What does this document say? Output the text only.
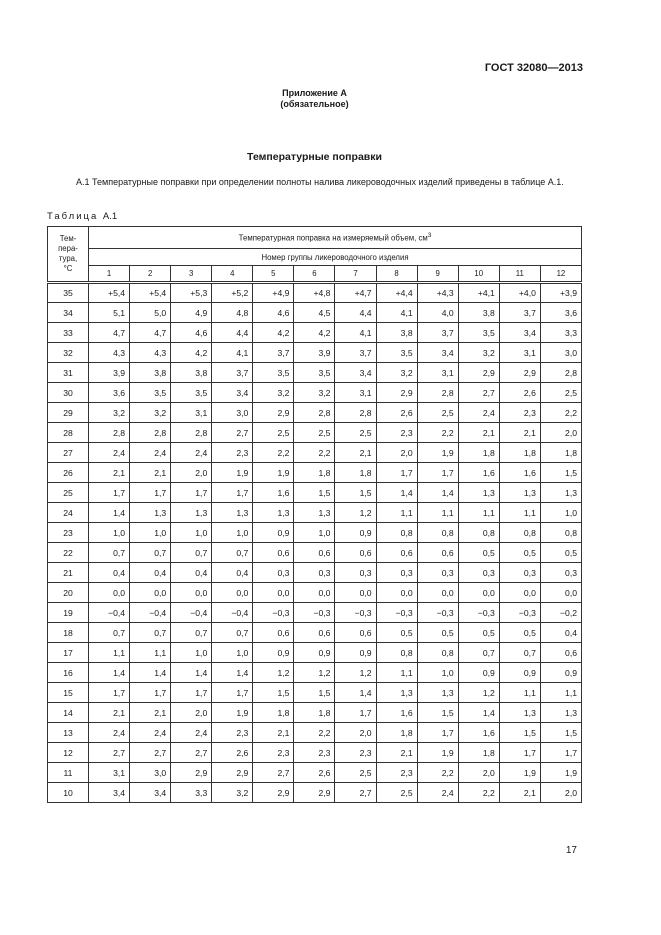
ГОСТ 32080—2013
Приложение А
(обязательное)
Температурные поправки
А.1 Температурные поправки при определении полноты налива ликероводочных изделий приведены в таблице А.1.
Таблица А.1
Тем-
пера-
тура,
°С	Температурная поправка на измеряемый объем, $см^3$
	Номер группы ликероводочного изделия											
	1	2	3	4	5	6	7	8	9	10	11	12
35	+5,4	+5,4	+5,3	+5,2	+4,9	+4,8	+4,7	+4,4	+4,3	+4,1	+4,0	+3,9
34	5,1	5,0	4,9	4,8	4,6	4,5	4,4	4,1	4,0	3,8	3,7	3,6
33	4,7	4,7	4,6	4,4	4,2	4,2	4,1	3,8	3,7	3,5	3,4	3,3
32	4,3	4,3	4,2	4,1	3,7	3,9	3,7	3,5	3,4	3,2	3,1	3,0
31	3,9	3,8	3,8	3,7	3,5	3,5	3,4	3,2	3,1	2,9	2,9	2,8
30	3,6	3,5	3,5	3,4	3,2	3,2	3,1	2,9	2,8	2,7	2,6	2,5
29	3,2	3,2	3,1	3,0	2,9	2,8	2,8	2,6	2,5	2,4	2,3	2,2
28	2,8	2,8	2,8	2,7	2,5	2,5	2,5	2,3	2,2	2,1	2,1	2,0
27	2,4	2,4	2,4	2,3	2,2	2,2	2,1	2,0	1,9	1,8	1,8	1,8
26	2,1	2,1	2,0	1,9	1,9	1,8	1,8	1,7	1,7	1,6	1,6	1,5
25	1,7	1,7	1,7	1,7	1,6	1,5	1,5	1,4	1,4	1,3	1,3	1,3
24	1,4	1,3	1,3	1,3	1,3	1,3	1,2	1,1	1,1	1,1	1,1	1,0
23	1,0	1,0	1,0	1,0	0,9	1,0	0,9	0,8	0,8	0,8	0,8	0,8
22	0,7	0,7	0,7	0,7	0,6	0,6	0,6	0,6	0,6	0,5	0,5	0,5
21	0,4	0,4	0,4	0,4	0,3	0,3	0,3	0,3	0,3	0,3	0,3	0,3
20	0,0	0,0	0,0	0,0	0,0	0,0	0,0	0,0	0,0	0,0	0,0	0,0
19	−0,4	−0,4	−0,4	−0,4	−0,3	−0,3	−0,3	−0,3	−0,3	−0,3	−0,3	−0,2
18	0,7	0,7	0,7	0,7	0,6	0,6	0,6	0,5	0,5	0,5	0,5	0,4
17	1,1	1,1	1,0	1,0	0,9	0,9	0,9	0,8	0,8	0,7	0,7	0,6
16	1,4	1,4	1,4	1,4	1,2	1,2	1,2	1,1	1,0	0,9	0,9	0,9
15	1,7	1,7	1,7	1,7	1,5	1,5	1,4	1,3	1,3	1,2	1,1	1,1
14	2,1	2,1	2,0	1,9	1,8	1,8	1,7	1,6	1,5	1,4	1,3	1,3
13	2,4	2,4	2,4	2,3	2,1	2,2	2,0	1,8	1,7	1,6	1,5	1,5
12	2,7	2,7	2,7	2,6	2,3	2,3	2,3	2,1	1,9	1,8	1,7	1,7
11	3,1	3,0	2,9	2,9	2,7	2,6	2,5	2,3	2,2	2,0	1,9	1,9
10	3,4	3,4	3,3	3,2	2,9	2,9	2,7	2,5	2,4	2,2	2,1	2,0
17
